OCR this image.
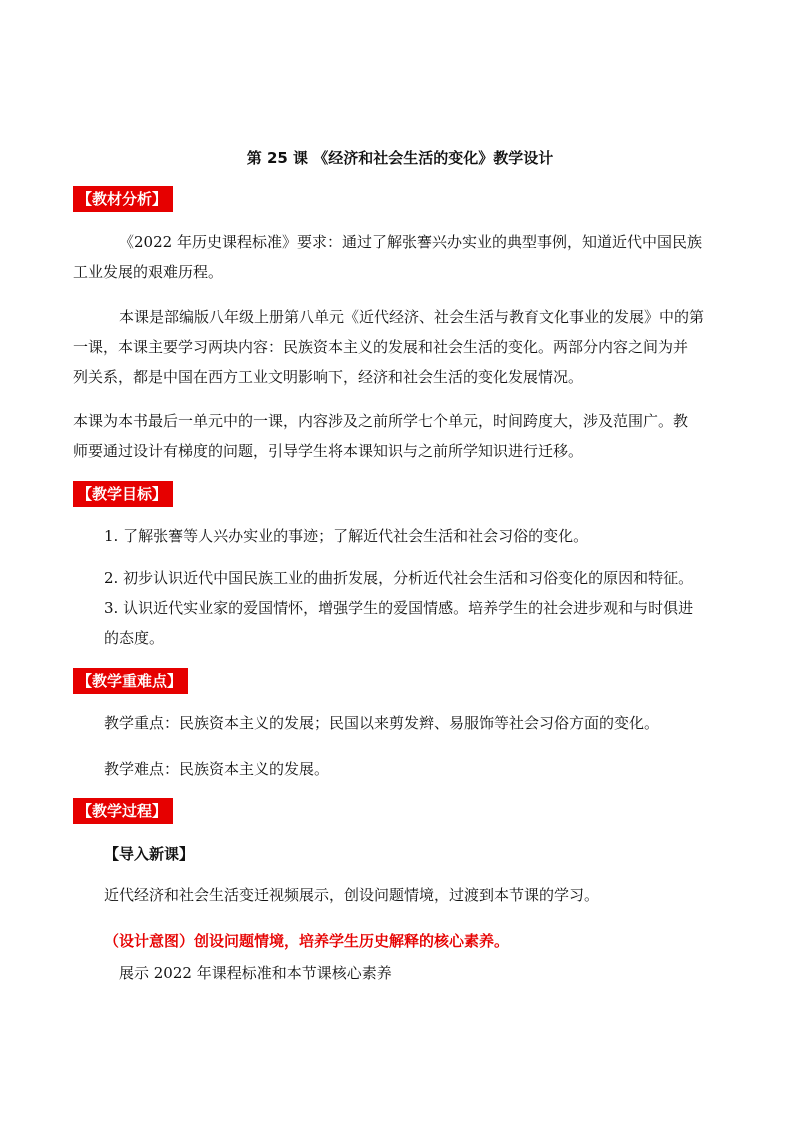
第 25 课 《经济和社会生活的变化》教学设计
【教材分析】
《2022 年历史课程标准》要求：通过了解张謇兴办实业的典型事例，知道近代中国民族
工业发展的艰难历程。
本课是部编版八年级上册第八单元《近代经济、社会生活与教育文化事业的发展》中的第
一课，本课主要学习两块内容：民族资本主义的发展和社会生活的变化。两部分内容之间为并
列关系，都是中国在西方工业文明影响下，经济和社会生活的变化发展情况。
本课为本书最后一单元中的一课，内容涉及之前所学七个单元，时间跨度大，涉及范围广。教
师要通过设计有梯度的问题，引导学生将本课知识与之前所学知识进行迁移。
【教学目标】
1. 了解张謇等人兴办实业的事迹；了解近代社会生活和社会习俗的变化。
2. 初步认识近代中国民族工业的曲折发展，分析近代社会生活和习俗变化的原因和特征。
3. 认识近代实业家的爱国情怀，增强学生的爱国情感。培养学生的社会进步观和与时俱进
的态度。
【教学重难点】
教学重点：民族资本主义的发展；民国以来剪发辫、易服饰等社会习俗方面的变化。
教学难点：民族资本主义的发展。
【教学过程】
【导入新课】
近代经济和社会生活变迁视频展示，创设问题情境，过渡到本节课的学习。
（设计意图）创设问题情境，培养学生历史解释的核心素养。
展示 2022 年课程标准和本节课核心素养
